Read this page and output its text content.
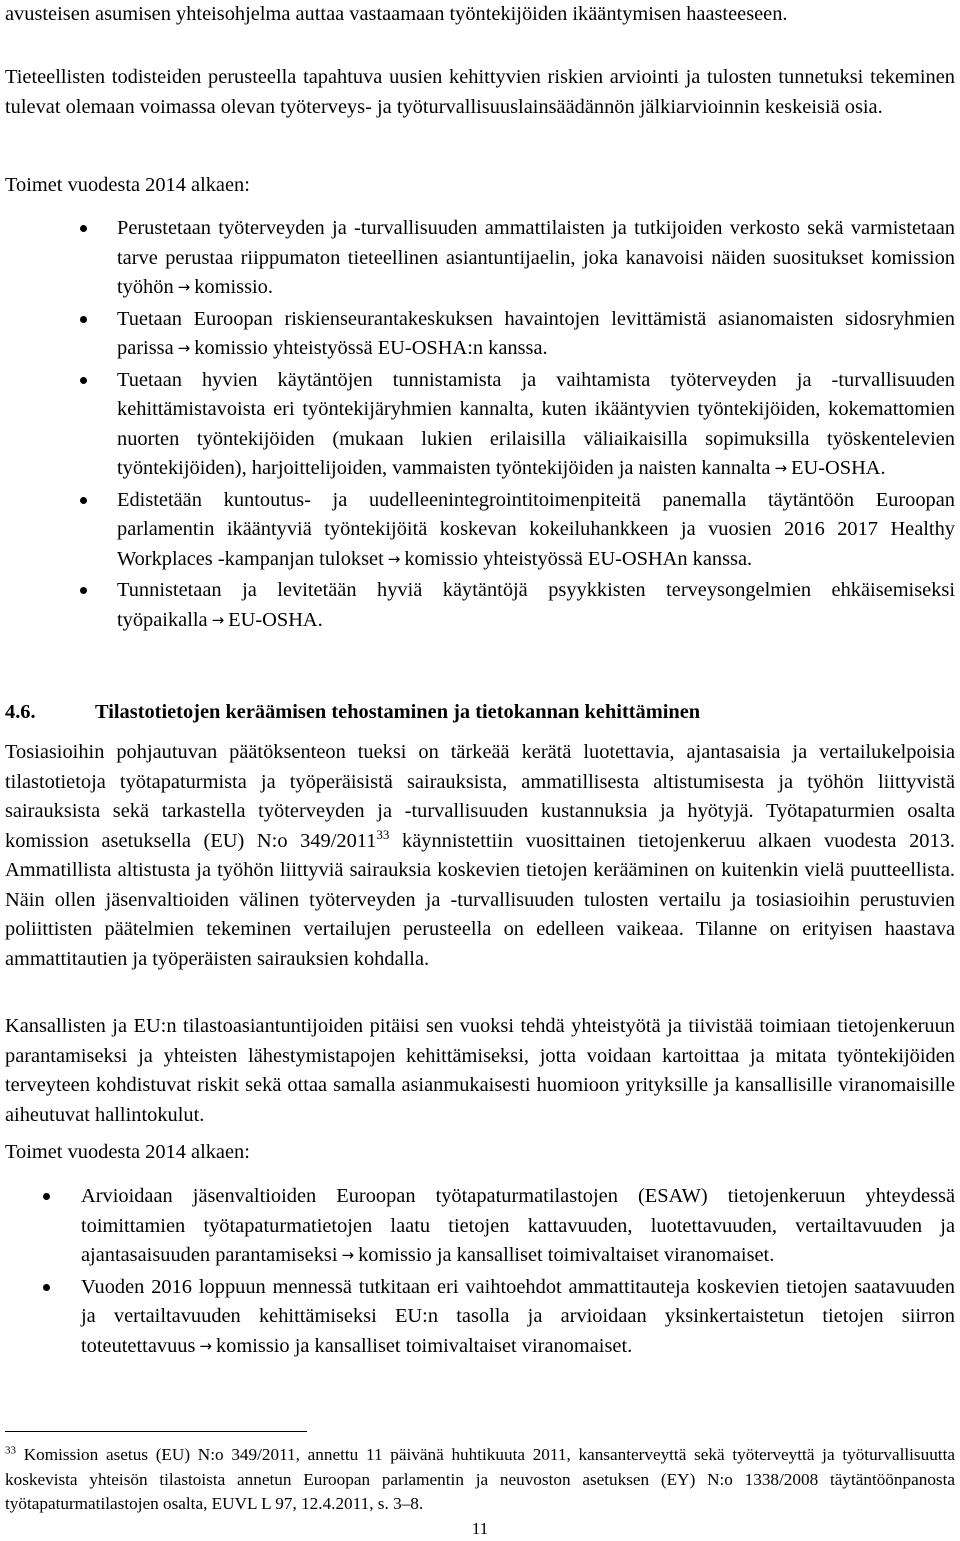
avusteisen asumisen yhteisohjelma auttaa vastaamaan työntekijöiden ikääntymisen haasteeseen.

Tieteellisten todisteiden perusteella tapahtuva uusien kehittyvien riskien arviointi ja tulosten tunnetuksi tekeminen tulevat olemaan voimassa olevan työterveys- ja työturvallisuuslainsäädännön jälkiarvioinnin keskeisiä osia.

Toimet vuodesta 2014 alkaen:

Perustetaan työterveyden ja -turvallisuuden ammattilaisten ja tutkijoiden verkosto sekä varmistetaan tarve perustaa riippumaton tieteellinen asiantuntijaelin, joka kanavoisi näiden suositukset komission työhön → komissio.
Tuetaan Euroopan riskienseurantakeskuksen havaintojen levittämistä asianomaisten sidosryhmien parissa → komissio yhteistyössä EU-OSHA:n kanssa.
Tuetaan hyvien käytäntöjen tunnistamista ja vaihtamista työterveyden ja -turvallisuuden kehittämistavoista eri työntekijäryhmien kannalta, kuten ikääntyvien työntekijöiden, kokemattomien nuorten työntekijöiden (mukaan lukien erilaisilla väliaikaisilla sopimuksilla työskentelevien työntekijöiden), harjoittelijoiden, vammaisten työntekijöiden ja naisten kannalta → EU-OSHA.
Edistetään kuntoutus- ja uudelleenintegrointitoimenpiteitä panemalla täytäntöön Euroopan parlamentin ikääntyviä työntekijöitä koskevan kokeiluhankkeen ja vuosien 2016 2017 Healthy Workplaces -kampanjan tulokset → komissio yhteistyössä EU-OSHAn kanssa.
Tunnistetaan ja levitetään hyviä käytäntöjä psyykkisten terveysongelmien ehkäisemiseksi työpaikalla → EU-OSHA.
4.6.	Tilastotietojen keräämisen tehostaminen ja tietokannan kehittäminen

Tosiasioihin pohjautuvan päätöksenteon tueksi on tärkeää kerätä luotettavia, ajantasaisia ja vertailukelpoisia tilastotietoja työtapaturmista ja työperäisistä sairauksista, ammatillisesta altistumisesta ja työhön liittyvistä sairauksista sekä tarkastella työterveyden ja -turvallisuuden kustannuksia ja hyötyjä. Työtapaturmien osalta komission asetuksella (EU) N:o 349/2011$^{33}$ käynnistettiin vuosittainen tietojenkeruu alkaen vuodesta 2013. Ammatillista altistusta ja työhön liittyviä sairauksia koskevien tietojen kerääminen on kuitenkin vielä puutteellista. Näin ollen jäsenvaltioiden välinen työterveyden ja -turvallisuuden tulosten vertailu ja tosiasioihin perustuvien poliittisten päätelmien tekeminen vertailujen perusteella on edelleen vaikeaa. Tilanne on erityisen haastava ammattitautien ja työperäisten sairauksien kohdalla.

Kansallisten ja EU:n tilastoasiantuntijoiden pitäisi sen vuoksi tehdä yhteistyötä ja tiivistää toimiaan tietojenkeruun parantamiseksi ja yhteisten lähestymistapojen kehittämiseksi, jotta voidaan kartoittaa ja mitata työntekijöiden terveyteen kohdistuvat riskit sekä ottaa samalla asianmukaisesti huomioon yrityksille ja kansallisille viranomaisille aiheutuvat hallintokulut.

Toimet vuodesta 2014 alkaen:

Arvioidaan jäsenvaltioiden Euroopan työtapaturmatilastojen (ESAW) tietojenkeruun yhteydessä toimittamien työtapaturmatietojen laatu tietojen kattavuuden, luotettavuuden, vertailtavuuden ja ajantasaisuuden parantamiseksi → komissio ja kansalliset toimivaltaiset viranomaiset.
Vuoden 2016 loppuun mennessä tutkitaan eri vaihtoehdot ammattitauteja koskevien tietojen saatavuuden ja vertailtavuuden kehittämiseksi EU:n tasolla ja arvioidaan yksinkertaistetun tietojen siirron toteutettavuus → komissio ja kansalliset toimivaltaiset viranomaiset.

$^{33}$ Komission asetus (EU) N:o 349/2011, annettu 11 päivänä huhtikuuta 2011, kansanterveyttä sekä työterveyttä ja työturvallisuutta koskevista yhteisön tilastoista annetun Euroopan parlamentin ja neuvoston asetuksen (EY) N:o 1338/2008 täytäntöönpanosta työtapaturmatilastojen osalta, EUVL L 97, 12.4.2011, s. 3–8.

11
